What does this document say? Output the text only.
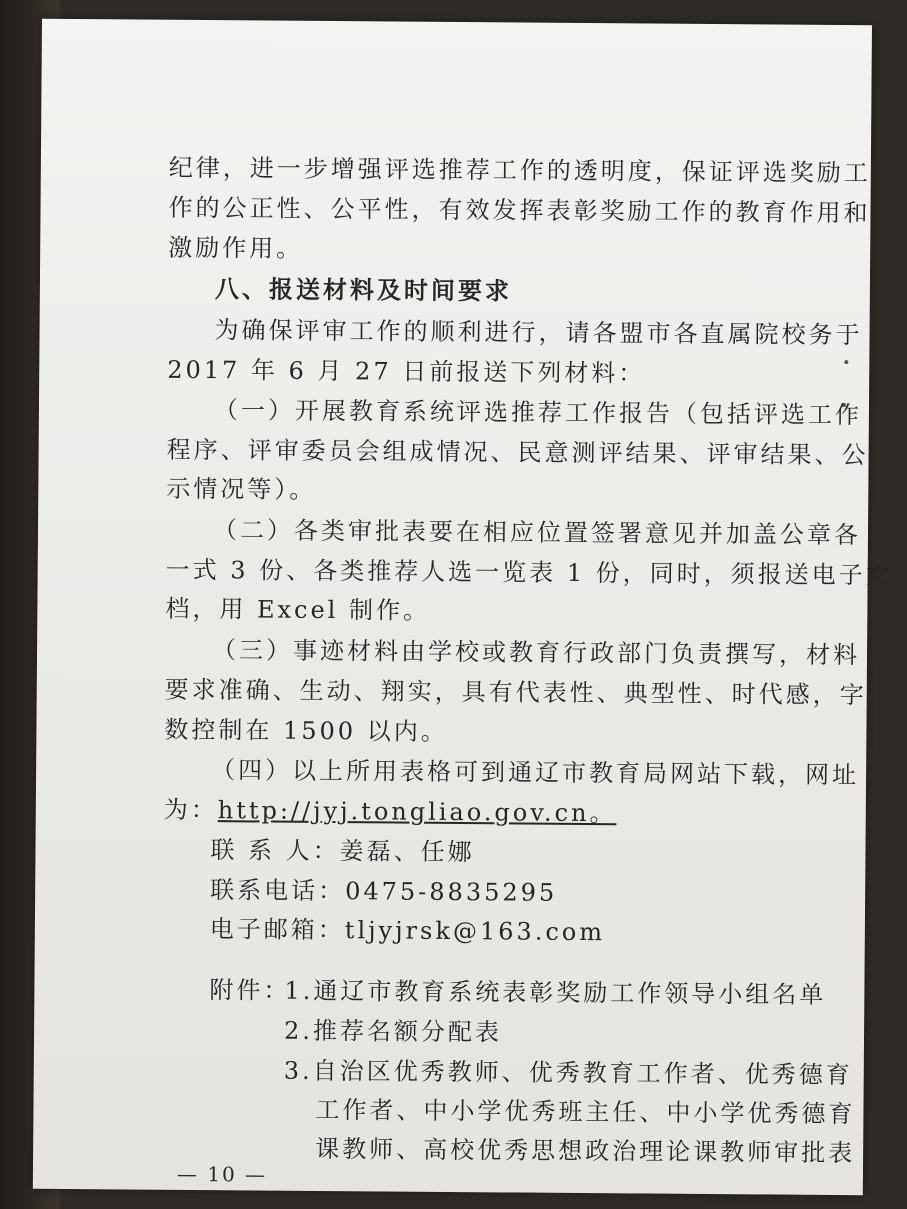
纪律，进一步增强评选推荐工作的透明度，保证评选奖励工
作的公正性、公平性，有效发挥表彰奖励工作的教育作用和
激励作用。
八、报送材料及时间要求
为确保评审工作的顺利进行，请各盟市各直属院校务于
2017 年 6 月 27 日前报送下列材料：
（一）开展教育系统评选推荐工作报告（包括评选工作
程序、评审委员会组成情况、民意测评结果、评审结果、公
示情况等）。
（二）各类审批表要在相应位置签署意见并加盖公章各
一式 3 份、各类推荐人选一览表 1 份，同时，须报送电子文
档，用 Excel 制作。
（三）事迹材料由学校或教育行政部门负责撰写，材料
要求准确、生动、翔实，具有代表性、典型性、时代感，字
数控制在 1500 以内。
（四）以上所用表格可到通辽市教育局网站下载，网址
为：http://jyj.tongliao.gov.cn。
联 系 人：姜磊、任娜
联系电话：0475-8835295
电子邮箱：tljyjrsk@163.com
附件：
1.通辽市教育系统表彰奖励工作领导小组名单
2.推荐名额分配表
3.自治区优秀教师、优秀教育工作者、优秀德育
工作者、中小学优秀班主任、中小学优秀德育
课教师、高校优秀思想政治理论课教师审批表
— 10 —
